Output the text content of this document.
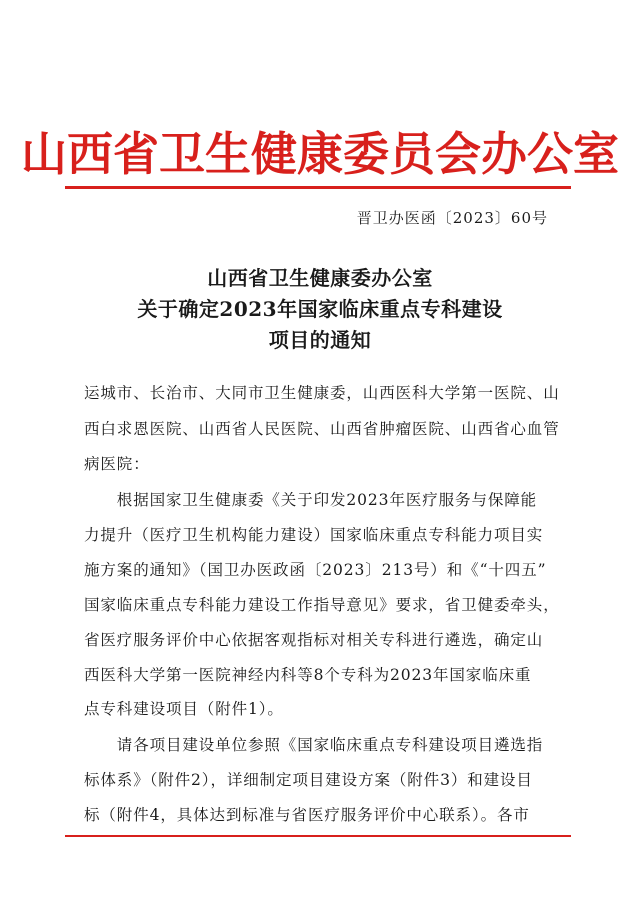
山西省卫生健康委员会办公室
晋卫办医函〔2023〕60号
山西省卫生健康委办公室
关于确定2023年国家临床重点专科建设
项目的通知
运城市、长治市、大同市卫生健康委，山西医科大学第一医院、山
西白求恩医院、山西省人民医院、山西省肿瘤医院、山西省心血管
病医院：
　　根据国家卫生健康委《关于印发2023年医疗服务与保障能
力提升（医疗卫生机构能力建设）国家临床重点专科能力项目实
施方案的通知》（国卫办医政函〔2023〕213号）和《“十四五”
国家临床重点专科能力建设工作指导意见》要求，省卫健委牵头，
省医疗服务评价中心依据客观指标对相关专科进行遴选，确定山
西医科大学第一医院神经内科等8个专科为2023年国家临床重
点专科建设项目（附件1）。
　　请各项目建设单位参照《国家临床重点专科建设项目遴选指
标体系》（附件2），详细制定项目建设方案（附件3）和建设目
标（附件4，具体达到标准与省医疗服务评价中心联系）。各市
